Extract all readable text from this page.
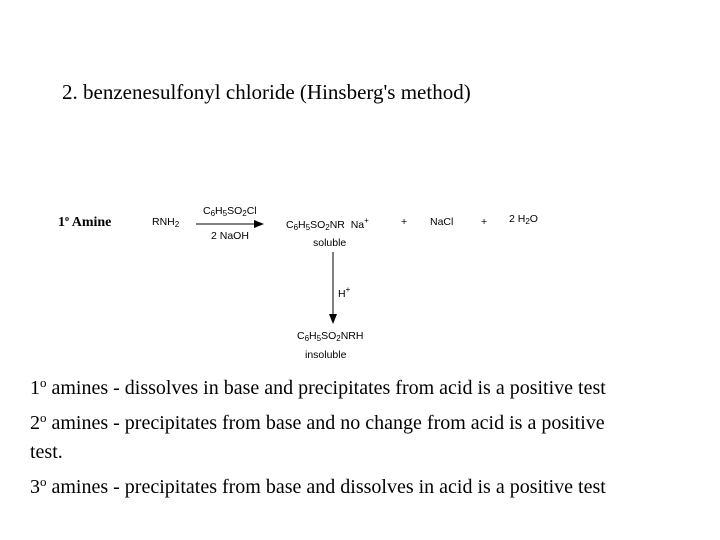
2. benzenesulfonyl chloride (Hinsberg's method)
1$^o$ Amine	$RNH_2$
$C_6H_5SO_2Cl$
2 NaOH
$C_6H_5SO_2NR$  Na+
soluble
+ NaCl	+ 2 $H_2O$
H+
$C_6H_5SO_2NRH$
insoluble

1$^o$ amines - dissolves in base and precipitates from acid is a positive test

2$^o$ amines - precipitates from base and no change from acid is a positive

test.

3$^o$ amines - precipitates from base and dissolves in acid is a positive test
